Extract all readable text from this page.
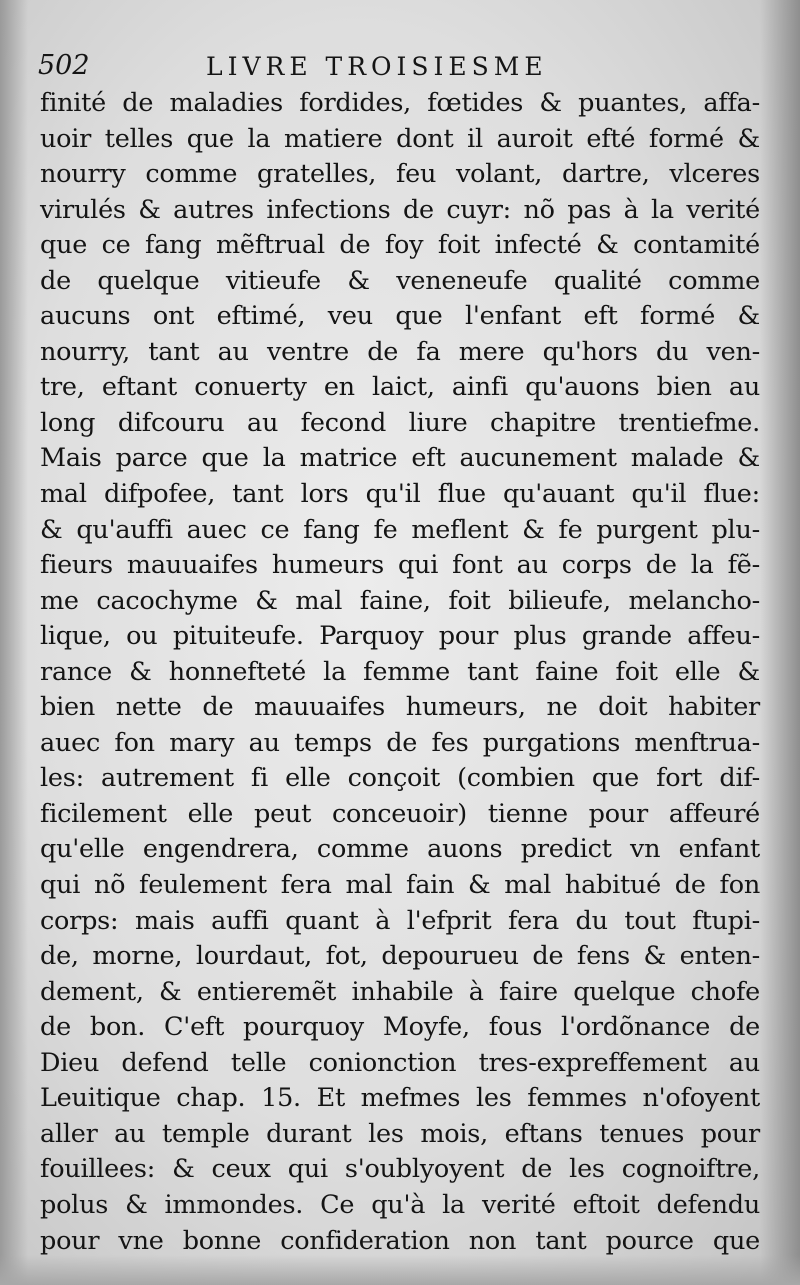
502	LIVRE TROISIESME
finité de maladies fordides, fœtides & puantes, affa-
uoir telles que la matiere dont il auroit efté formé &
nourry comme gratelles, feu volant, dartre, vlceres
virulés & autres infections de cuyr: nõ pas à la verité
que ce fang mẽftrual de foy foit infecté & contamité
de quelque vitieufe & veneneufe qualité comme
aucuns ont eftimé, veu que l'enfant eft formé &
nourry, tant au ventre de fa mere qu'hors du ven-
tre, eftant conuerty en laict, ainfi qu'auons bien au
long difcouru au fecond liure chapitre trentiefme.
Mais parce que la matrice eft aucunement malade &
mal difpofee, tant lors qu'il flue qu'auant qu'il flue:
& qu'auffi auec ce fang fe meflent & fe purgent plu-
fieurs mauuaifes humeurs qui font au corps de la fẽ-
me cacochyme & mal faine, foit bilieufe, melancho-
lique, ou pituiteufe. Parquoy pour plus grande affeu-
rance & honnefteté la femme tant faine foit elle &
bien nette de mauuaifes humeurs, ne doit habiter
auec fon mary au temps de fes purgations menftrua-
les: autrement fi elle conçoit (combien que fort dif-
ficilement elle peut conceuoir) tienne pour affeuré
qu'elle engendrera, comme auons predict vn enfant
qui nõ feulement fera mal fain & mal habitué de fon
corps: mais auffi quant à l'efprit fera du tout ftupi-
de, morne, lourdaut, fot, depourueu de fens & enten-
dement, & entieremẽt inhabile à faire quelque chofe
de bon. C'eft pourquoy Moyfe, fous l'ordõnance de
Dieu defend telle conionction tres-expreffement au
Leuitique chap. 15. Et mefmes les femmes n'ofoyent
aller au temple durant les mois, eftans tenues pour
fouillees: & ceux qui s'oublyoyent de les cognoiftre,
polus & immondes. Ce qu'à la verité eftoit defendu
pour vne bonne confideration non tant pource que
